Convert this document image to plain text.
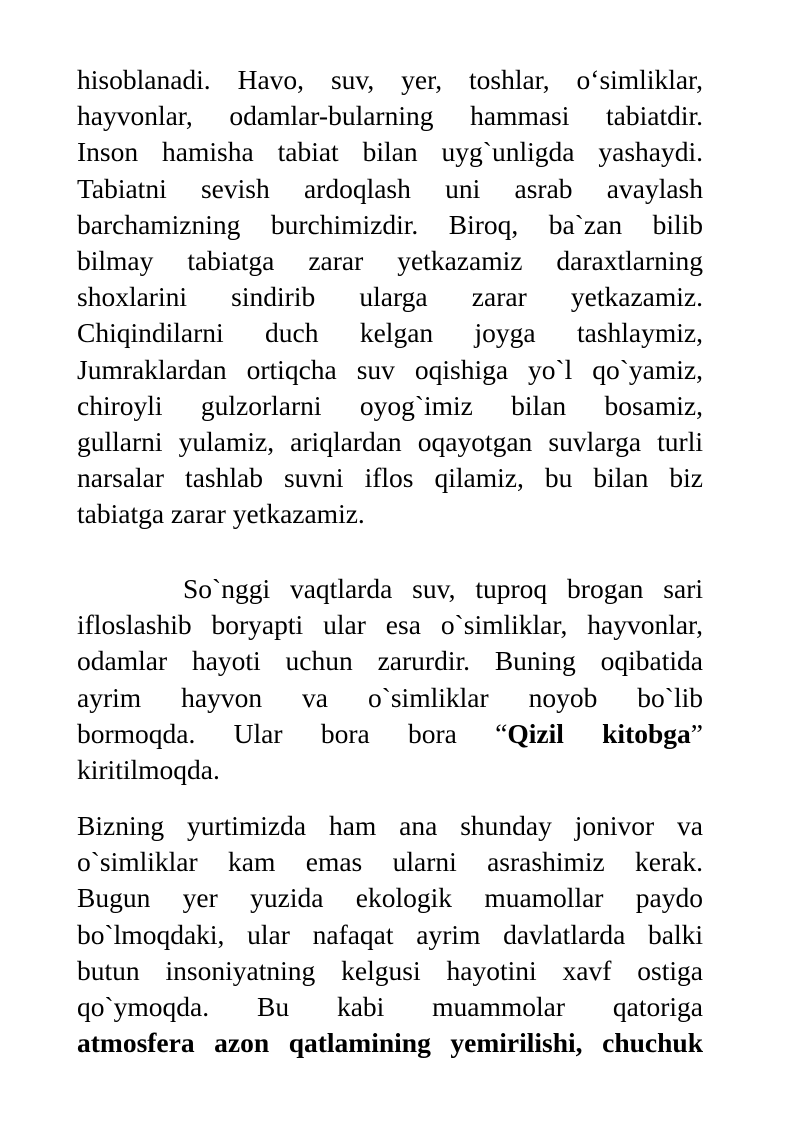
hisoblanadi. Havo, suv, yer, toshlar, o‘simliklar,
hayvonlar, odamlar-bularning hammasi tabiatdir.
Inson hamisha tabiat bilan uyg`unligda yashaydi.
Tabiatni sevish ardoqlash uni asrab avaylash
barchamizning burchimizdir. Biroq, ba`zan bilib
bilmay tabiatga zarar yetkazamiz daraxtlarning
shoxlarini sindirib ularga zarar yetkazamiz.
Chiqindilarni duch kelgan joyga tashlaymiz,
Jumraklardan ortiqcha suv oqishiga yo`l qo`yamiz,
chiroyli gulzorlarni oyog`imiz bilan bosamiz,
gullarni yulamiz, ariqlardan oqayotgan suvlarga turli
narsalar tashlab suvni iflos qilamiz, bu bilan biz
tabiatga zarar yetkazamiz.
So`nggi vaqtlarda suv, tuproq brogan sari
ifloslashib boryapti ular esa o`simliklar, hayvonlar,
odamlar hayoti uchun zarurdir. Buning oqibatida
ayrim hayvon va o`simliklar noyob bo`lib
bormoqda. Ular bora bora “Qizil kitobga”
kiritilmoqda.
Bizning yurtimizda ham ana shunday jonivor va
o`simliklar kam emas ularni asrashimiz kerak.
Bugun yer yuzida ekologik muamollar paydo
bo`lmoqdaki, ular nafaqat ayrim davlatlarda balki
butun insoniyatning kelgusi hayotini xavf ostiga
qo`ymoqda. Bu kabi muammolar qatoriga
atmosfera azon qatlamining yemirilishi, chuchuk
